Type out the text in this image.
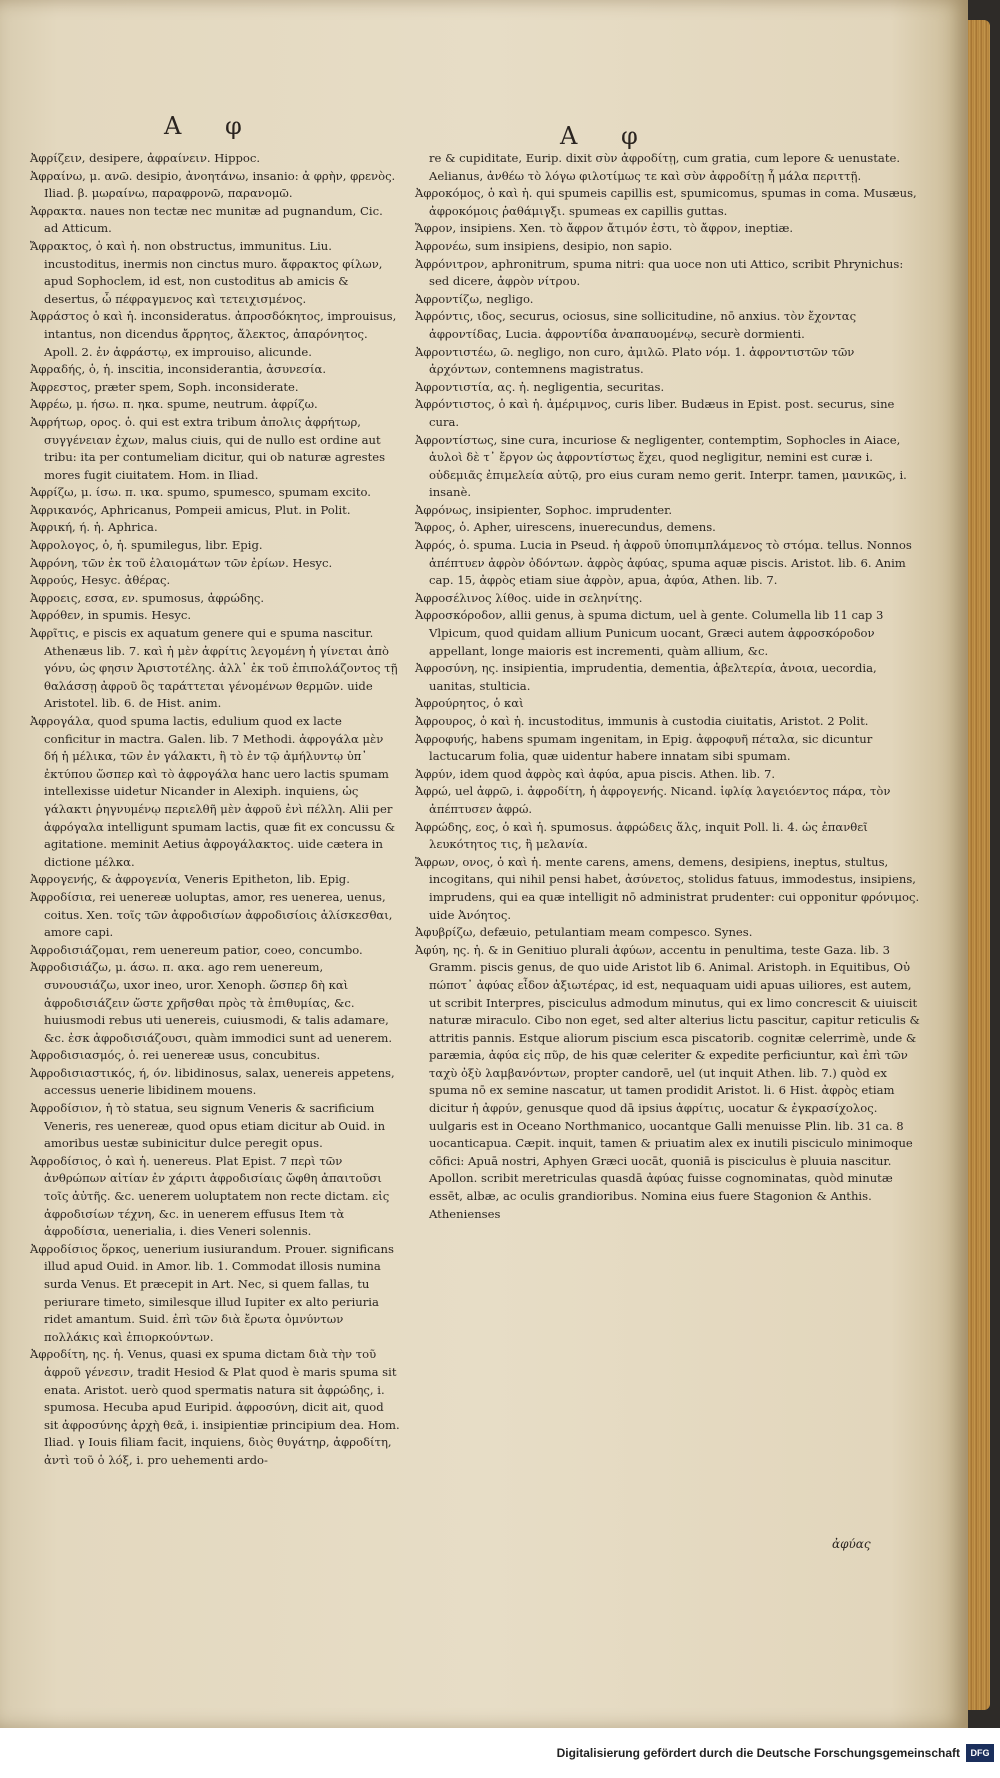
Α φ	Α φ

Ἀφρίζειν, desipere, ἀφραίνειν. Hippoc.

Ἀφραίνω, μ. ανῶ. desipio, ἀνοητάνω, insanio: ἀ φρὴν, φρενὸς. Iliad. β. μωραίνω, παραφρονῶ, παρανομῶ.

Ἀφρακτα. naues non tectæ nec munitæ ad pugnandum, Cic. ad Atticum.

Ἄφρακτος, ὁ καὶ ἡ. non obstructus, immunitus. Liu. incustoditus, inermis non cinctus muro. ἄφρακτος φίλων, apud Sophoclem, id est, non custoditus ab amicis & desertus, ὦ πέφραγμενος καὶ τετειχισμένος.

Ἀφράστος ὁ καὶ ἡ. inconsideratus. ἀπροσδόκητος, improuisus, intantus, non dicendus ἄρρητος, ἄλεκτος, ἀπαρόνητος. Apoll. 2. ἐν ἀφράστῳ, ex improuiso, alicunde.

Ἀφραδής, ὁ, ἡ. inscitia, inconsiderantia, ἀσυνεσία.

Ἀφρεστος, præter spem, Soph. inconsiderate.

Ἀφρέω, μ. ήσω. π. ηκα. spume, neutrum. ἀφρίζω.

Ἀφρήτωρ, ορος. ὁ. qui est extra tribum ἀπολις ἀφρήτωρ, συγγένειαν ἐχων, malus ciuis, qui de nullo est ordine aut tribu: ita per contumeliam dicitur, qui ob naturæ agrestes mores fugit ciuitatem. Hom. in Iliad.

Ἀφρίζω, μ. ίσω. π. ικα. spumo, spumesco, spumam excito.

Ἀφρικανός, Aphricanus, Pompeii amicus, Plut. in Polit.

Ἀφρική, ή. ἡ. Aphrica.

Ἀφρολογος, ὁ, ἡ. spumilegus, libr. Epig.

Ἀφρόνη, τῶν ἐκ τοῦ ἐλαιομάτων τῶν ἐρίων. Hesyc.

Ἀφρούς, Hesyc. ἀθέρας.

Ἀφροεις, εσσα, εν. spumosus, ἀφρώδης.

Ἀφρόθεν, in spumis. Hesyc.

Ἀφρῖτις, e piscis ex aquatum genere qui e spuma nascitur. Athenæus lib. 7. καὶ ἡ μὲν ἀφρίτις λεγομένη ἡ γίνεται ἀπὸ γόνυ, ὡς φησιν Ἀριστοτέλης. ἀλλ᾽ ἐκ τοῦ ἐπιπολάζοντος τῇ θαλάσσῃ ἀφροῦ ὃς ταράττεται γένομένων θερμῶν. uide Aristotel. lib. 6. de Hist. anim.

Ἀφρογάλα, quod spuma lactis, edulium quod ex lacte conficitur in mactra. Galen. lib. 7 Methodi. ἀφρογάλα μὲν δή ἡ μέλικα, τῶν ἐν γάλακτι, ἢ τὸ ἐν τῷ ἀμήλυντῳ ὑπ᾽ ἐκτύπου ὥσπερ καὶ τὸ ἀφρογάλα hanc uero lactis spumam intellexisse uidetur Nicander in Alexiph. inquiens, ὡς γάλακτι ῥηγνυμένῳ περιελθῆ μὲν ἀφροῦ ἐνὶ πέλλη. Alii per ἀφρόγαλα intelligunt spumam lactis, quæ fit ex concussu & agitatione. meminit Aetius ἀφρογάλακτος. uide cætera in dictione μέλκα.

Ἀφρογενής, & ἀφρογενία, Veneris Epitheton, lib. Epig.

Ἀφροδίσια, rei uenereæ uoluptas, amor, res uenerea, uenus, coitus. Xen. τοῖς τῶν ἀφροδισίων ἀφροδισίοις ἁλίσκεσθαι, amore capi.

Ἀφροδισιάζομαι, rem uenereum patior, coeo, concumbo.

Ἀφροδισιάζω, μ. άσω. π. ακα. ago rem uenereum, συνουσιάζω, uxor ineo, uror. Xenoph. ὥσπερ δὴ καὶ ἀφροδισιάζειν ὥστε χρῆσθαι πρὸς τὰ ἐπιθυμίας, &c. huiusmodi rebus uti uenereis, cuiusmodi, & talis adamare, &c. ἐσκ ἀφροδισιάζουσι, quàm immodici sunt ad uenerem.

Ἀφροδισιασμός, ὁ. rei uenereæ usus, concubitus.

Ἀφροδισιαστικός, ή, όν. libidinosus, salax, uenereis appetens, accessus uenerie libidinem mouens.

Ἀφροδίσιον, ἡ τὸ statua, seu signum Veneris & sacrificium Veneris, res uenereæ, quod opus etiam dicitur ab Ouid. in amoribus uestæ subinicitur dulce peregit opus.

Ἀφροδίσιος, ὁ καὶ ἡ. uenereus. Plat Epist. 7 περὶ τῶν ἀνθρώπων αἰτίαν ἐν χάριτι ἀφροδισίαις ὤφθη ἀπαιτοῦσι τοῖς ἀὐτῆς. &c. uenerem uoluptatem non recte dictam. εἰς ἀφροδισίων τέχνη, &c. in uenerem effusus Item τὰ ἀφροδίσια, uenerialia, i. dies Veneri solennis.

Ἀφροδίσιος ὅρκος, uenerium iusiurandum. Prouer. significans illud apud Ouid. in Amor. lib. 1. Commodat illosis numina surda Venus. Et præcepit in Art. Nec, si quem fallas, tu periurare timeto, similesque illud Iupiter ex alto periuria ridet amantum. Suid. ἐπὶ τῶν διὰ ἔρωτα ὀμνύντων πολλάκις καὶ ἐπιορκούντων.

Ἀφροδίτη, ης. ἡ. Venus, quasi ex spuma dictam διὰ τὴν τοῦ ἀφροῦ γένεσιν, tradit Hesiod & Plat quod è maris spuma sit enata. Aristot. uerò quod spermatis natura sit ἀφρώδης, i. spumosa. Hecuba apud Euripid. ἀφροσύνη, dicit ait, quod sit ἀφροσύνης ἀρχὴ θεᾶ, i. insipientiæ principium dea. Hom. Iliad. γ Iouis filiam facit, inquiens, διὸς θυγάτηρ, ἀφροδίτη, ἀντὶ τοῦ ὁ λόξ, i. pro uehementi ardo-

re & cupiditate, Eurip. dixit σὺν ἀφροδίτῃ, cum gratia, cum lepore & uenustate. Aelianus, ἀνθέω τὸ λόγω φιλοτίμως τε καὶ σὺν ἀφροδίτῃ ἦ μάλα περιττῇ.

Ἀφροκόμος, ὁ καὶ ἡ. qui spumeis capillis est, spumicomus, spumas in coma. Musæus, ἀφροκόμοις ῥαθάμιγξι. spumeas ex capillis guttas.

Ἄφρον, insipiens. Xen. τὸ ἄφρον ἄτιμόν ἐστι, τὸ ἄφρον, ineptiæ.

Ἀφρονέω, sum insipiens, desipio, non sapio.

Ἀφρόνιτρον, aphronitrum, spuma nitri: qua uoce non uti Attico, scribit Phrynichus: sed dicere, ἀφρὸν νίτρου.

Ἀφροντίζω, negligo.

Ἀφρόντις, ιδος, securus, ociosus, sine sollicitudine, nō anxius. τὸν ἔχοντας ἀφροντίδας, Lucia. ἀφροντίδα ἀναπαυομένῳ, securè dormienti.

Ἀφροντιστέω, ῶ. negligo, non curo, ἀμιλῶ. Plato νόμ. 1. ἀφροντιστῶν τῶν ἀρχόντων, contemnens magistratus.

Ἀφροντιστία, ας. ἡ. negligentia, securitas.

Ἀφρόντιστος, ὁ καὶ ἡ. ἀμέριμνος, curis liber. Budæus in Epist. post. securus, sine cura.

Ἀφροντίστως, sine cura, incuriose & negligenter, contemptim, Sophocles in Aiace, ἀυλοὶ δὲ τ᾽ ἔργον ὡς ἀφροντίστως ἔχει, quod negligitur, nemini est curæ i. οὐδεμιᾶς ἐπιμελεία αὐτῷ, pro eius curam nemo gerit. Interpr. tamen, μανικῶς, i. insanè.

Ἀφρόνως, insipienter, Sophoc. imprudenter.

Ἄφρος, ὁ. Apher, uirescens, inuerecundus, demens.

Ἀφρός, ὁ. spuma. Lucia in Pseud. ἡ ἀφροῦ ὑποπιμπλάμενος τὸ στόμα. tellus. Nonnos ἀπέπτυεν ἀφρὸν ὀδόντων. ἀφρὸς ἀφύας, spuma aquæ piscis. Aristot. lib. 6. Anim cap. 15, ἀφρὸς etiam siue ἀφρὸν, apua, ἀφύα, Athen. lib. 7.

Ἀφροσέλινος λίθος. uide in σεληνίτης.

Ἀφροσκόροδον, allii genus, à spuma dictum, uel à gente. Columella lib 11 cap 3 Vlpicum, quod quidam allium Punicum uocant, Græci autem ἀφροσκόροδον appellant, longe maioris est incrementi, quàm allium, &c.

Ἀφροσύνη, ης. insipientia, imprudentia, dementia, ἀβελτερία, ἀνοια, uecordia, uanitas, stulticia.

Ἀφρούρητος, ὁ καὶ

Ἀφρουρος, ὁ καὶ ἡ. incustoditus, immunis à custodia ciuitatis, Aristot. 2 Polit.

Ἀφροφυής, habens spumam ingenitam, in Epig. ἀφροφυῆ πέταλα, sic dicuntur lactucarum folia, quæ uidentur habere innatam sibi spumam.

Ἀφρύν, idem quod ἀφρὸς καὶ ἀφύα, apua piscis. Athen. lib. 7.

Ἀφρώ, uel ἀφρῶ, i. ἀφροδίτη, ἡ ἀφρογενής. Nicand. ἰφλίᾳ λαγειόεντος πάρα, τὸν ἀπέπτυσεν ἀφρώ.

Ἀφρώδης, εος, ὁ καὶ ἡ. spumosus. ἀφρώδεις ἅλς, inquit Poll. li. 4. ὡς ἐπανθεῖ λευκότητος τις, ἢ μελανία.

Ἄφρων, ονος, ὁ καὶ ἡ. mente carens, amens, demens, desipiens, ineptus, stultus, incogitans, qui nihil pensi habet, ἀσύνετος, stolidus fatuus, immodestus, insipiens, imprudens, qui ea quæ intelligit nō administrat prudenter: cui opponitur φρόνιμος. uide Ἀνόητος.

Ἀφυβρίζω, defæuio, petulantiam meam compesco. Synes.

Ἀφύη, ης. ἡ. & in Genitiuo plurali ἀφύων, accentu in penultima, teste Gaza. lib. 3 Gramm. piscis genus, de quo uide Aristot lib 6. Animal. Aristoph. in Equitibus, Οὐ πώποτ᾽ ἀφύας εἶδον ἀξιωτέρας, id est, nequaquam uidi apuas uiliores, est autem, ut scribit Interpres, pisciculus admodum minutus, qui ex limo concrescit & uiuiscit naturæ miraculo. Cibo non eget, sed alter alterius lictu pascitur, capitur reticulis & attritis pannis. Estque aliorum piscium esca piscatorib. cognitæ celerrimè, unde & paræmia, ἀφύα εἰς πῦρ, de his quæ celeriter & expedite perficiuntur, καὶ ἐπὶ τῶν ταχὺ ὀξὺ λαμβανόντων, propter candorē, uel (ut inquit Athen. lib. 7.) quòd ex spuma nō ex semine nascatur, ut tamen prodidit Aristot. li. 6 Hist. ἀφρὸς etiam dicitur ἡ ἀφρύν, genusque quod dā ipsius ἀφρίτις, uocatur & ἐγκρασίχολος. uulgaris est in Oceano Northmanico, uocantque Galli menuisse Plin. lib. 31 ca. 8 uocanticapua. Cæpit. inquit, tamen & priuatim alex ex inutili pisciculo minimoque cōfici: Apuā nostri, Aphyen Græci uocāt, quoniā is pisciculus è pluuia nascitur. Apollon. scribit meretriculas quasdā ἀφύας fuisse cognominatas, quòd minutæ essēt, albæ, ac oculis grandioribus. Nomina eius fuere Stagonion & Anthis. Athenienses

ἀφύας
Digitalisierung gefördert durch die Deutsche Forschungsgemeinschaft	DFG
